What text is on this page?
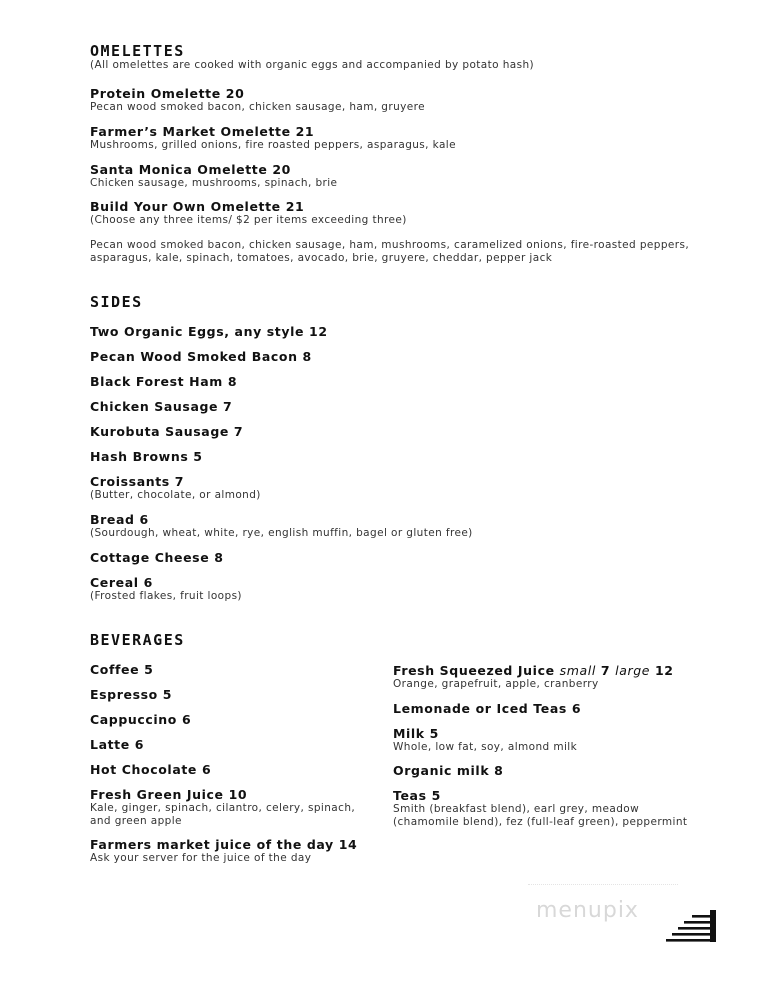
OMELETTES

(All omelettes are cooked with organic eggs and accompanied by potato hash)

Protein Omelette 20
Pecan wood smoked bacon, chicken sausage, ham, gruyere
Farmer’s Market Omelette 21
Mushrooms, grilled onions, fire roasted peppers, asparagus, kale
Santa Monica Omelette 20
Chicken sausage, mushrooms, spinach, brie
Build Your Own Omelette 21
(Choose any three items/ $2 per items exceeding three)

Pecan wood smoked bacon, chicken sausage, ham, mushrooms, caramelized onions, fire-roasted peppers,

asparagus, kale, spinach, tomatoes, avocado, brie, gruyere, cheddar, pepper jack

SIDES
Two Organic Eggs, any style 12
Pecan Wood Smoked Bacon 8
Black Forest Ham 8
Chicken Sausage 7
Kurobuta Sausage 7
Hash Browns 5
Croissants 7
(Butter, chocolate, or almond)
Bread 6
(Sourdough, wheat, white, rye, english muffin, bagel or gluten free)
Cottage Cheese 8
Cereal 6
(Frosted flakes, fruit loops)
BEVERAGES
Coffee 5
Espresso 5
Cappuccino 6
Latte 6
Hot Chocolate 6
Fresh Green Juice 10
Kale, ginger, spinach, cilantro, celery, spinach,
and green apple
Farmers market juice of the day 14
Ask your server for the juice of the day
Fresh Squeezed Juice small 7 large 12
Orange, grapefruit, apple, cranberry
Lemonade or Iced Teas 6
Milk 5
Whole, low fat, soy, almond milk
Organic milk 8
Teas 5
Smith (breakfast blend), earl grey, meadow
(chamomile blend), fez (full-leaf green), peppermint
menupix
